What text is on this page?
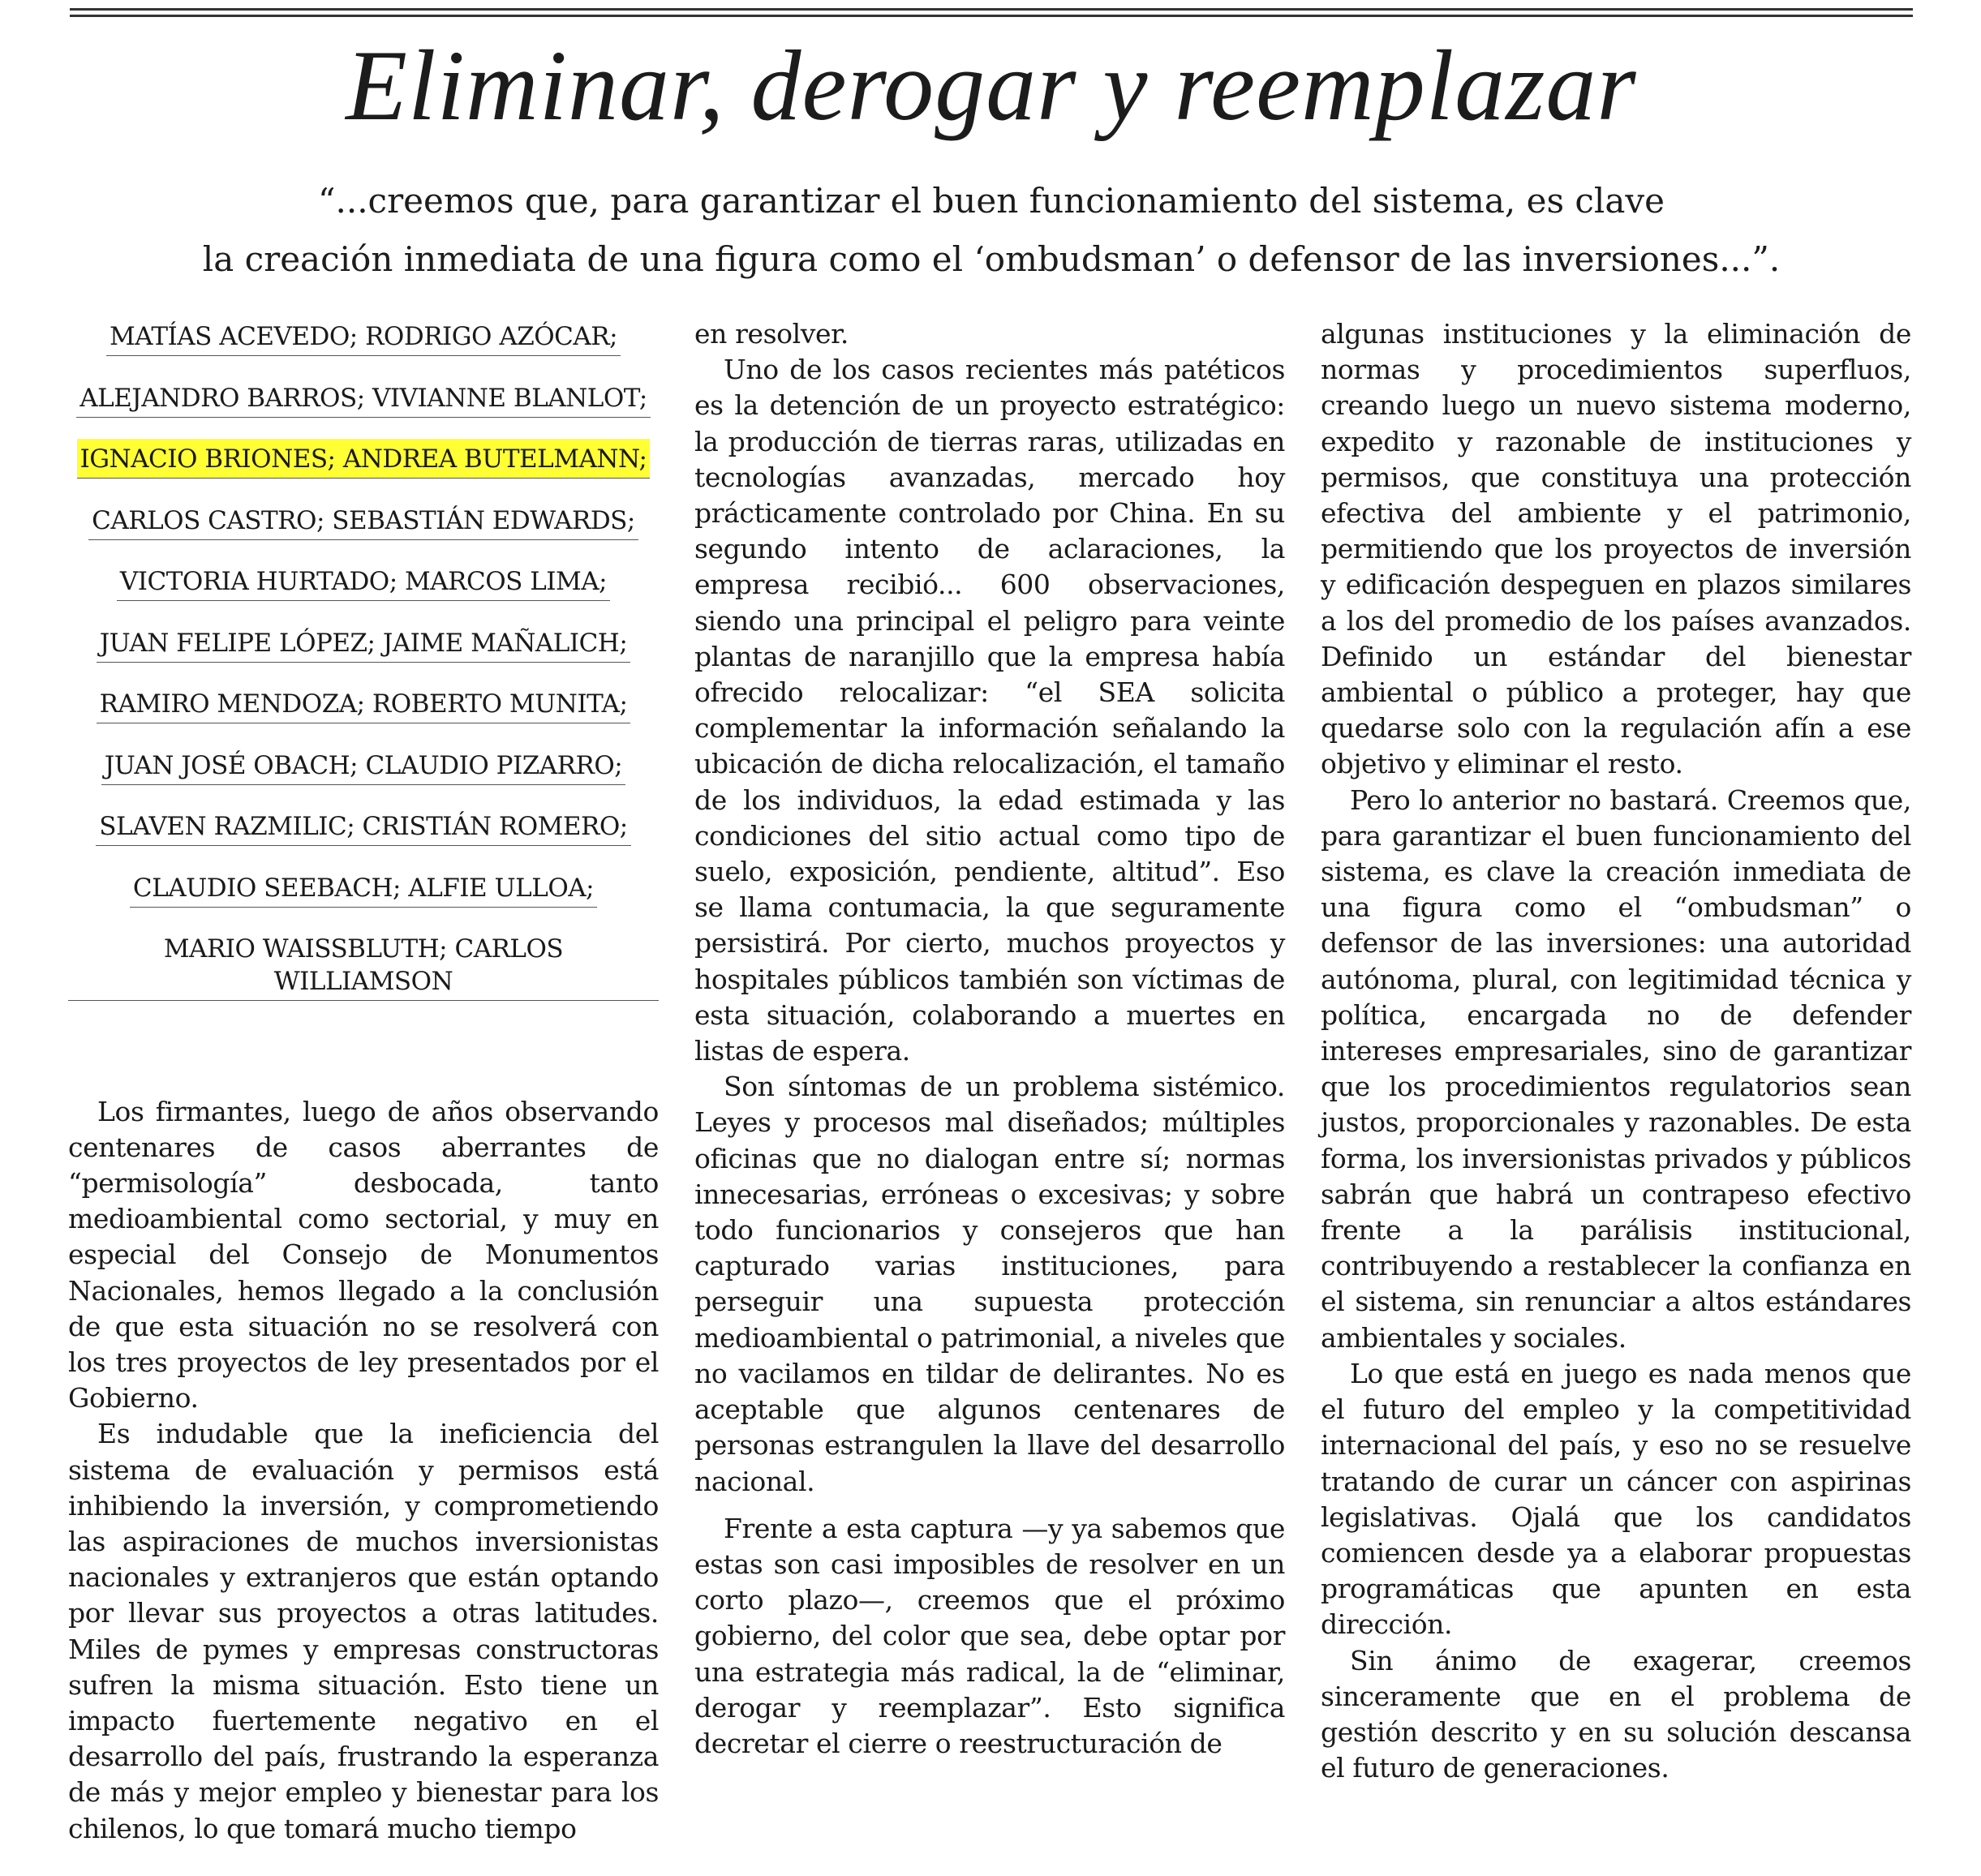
Eliminar, derogar y reemplazar

“...creemos que, para garantizar el buen funcionamiento del sistema, es clave
la creación inmediata de una figura como el ‘ombudsman’ o defensor de las inversiones...”.

MATÍAS ACEVEDO; RODRIGO AZÓCAR;
ALEJANDRO BARROS; VIVIANNE BLANLOT;
IGNACIO BRIONES; ANDREA BUTELMANN;
CARLOS CASTRO; SEBASTIÁN EDWARDS;
VICTORIA HURTADO; MARCOS LIMA;
JUAN FELIPE LÓPEZ; JAIME MAÑALICH;
RAMIRO MENDOZA; ROBERTO MUNITA;
JUAN JOSÉ OBACH; CLAUDIO PIZARRO;
SLAVEN RAZMILIC; CRISTIÁN ROMERO;
CLAUDIO SEEBACH; ALFIE ULLOA;
MARIO WAISSBLUTH; CARLOS WILLIAMSON

Los firmantes, luego de años observando centenares de casos aberrantes de “permisología” desbocada, tanto medioambiental como sectorial, y muy en especial del Consejo de Monumentos Nacionales, hemos llegado a la conclusión de que esta situación no se resolverá con los tres proyectos de ley presentados por el Gobierno.

Es indudable que la ineficiencia del sistema de evaluación y permisos está inhibiendo la inversión, y comprometiendo las aspiraciones de muchos inversionistas nacionales y extranjeros que están optando por llevar sus proyectos a otras latitudes. Miles de pymes y empresas constructoras sufren la misma situación. Esto tiene un impacto fuertemente negativo en el desarrollo del país, frustrando la esperanza de más y mejor empleo y bienestar para los chilenos, lo que tomará mucho tiempo

en resolver.

Uno de los casos recientes más patéticos es la detención de un proyecto estratégico: la producción de tierras raras, utilizadas en tecnologías avanzadas, mercado hoy prácticamente controlado por China. En su segundo intento de aclaraciones, la empresa recibió... 600 observaciones, siendo una principal el peligro para veinte plantas de naranjillo que la empresa había ofrecido relocalizar: “el SEA solicita complementar la información señalando la ubicación de dicha relocalización, el tamaño de los individuos, la edad estimada y las condiciones del sitio actual como tipo de suelo, exposición, pendiente, altitud”. Eso se llama contumacia, la que seguramente persistirá. Por cierto, muchos proyectos y hospitales públicos también son víctimas de esta situación, colaborando a muertes en listas de espera.

Son síntomas de un problema sistémico. Leyes y procesos mal diseñados; múltiples oficinas que no dialogan entre sí; normas innecesarias, erróneas o excesivas; y sobre todo funcionarios y consejeros que han capturado varias instituciones, para perseguir una supuesta protección medioambiental o patrimonial, a niveles que no vacilamos en tildar de delirantes. No es aceptable que algunos centenares de personas estrangulen la llave del desarrollo nacional.

Frente a esta captura —y ya sabemos que estas son casi imposibles de resolver en un corto plazo—, creemos que el próximo gobierno, del color que sea, debe optar por una estrategia más radical, la de “eliminar, derogar y reemplazar”. Esto significa decretar el cierre o reestructuración de

algunas instituciones y la eliminación de normas y procedimientos superfluos, creando luego un nuevo sistema moderno, expedito y razonable de instituciones y permisos, que constituya una protección efectiva del ambiente y el patrimonio, permitiendo que los proyectos de inversión y edificación despeguen en plazos similares a los del promedio de los países avanzados. Definido un estándar del bienestar ambiental o público a proteger, hay que quedarse solo con la regulación afín a ese objetivo y eliminar el resto.

Pero lo anterior no bastará. Creemos que, para garantizar el buen funcionamiento del sistema, es clave la creación inmediata de una figura como el “ombudsman” o defensor de las inversiones: una autoridad autónoma, plural, con legitimidad técnica y política, encargada no de defender intereses empresariales, sino de garantizar que los procedimientos regulatorios sean justos, proporcionales y razonables. De esta forma, los inversionistas privados y públicos sabrán que habrá un contrapeso efectivo frente a la parálisis institucional, contribuyendo a restablecer la confianza en el sistema, sin renunciar a altos estándares ambientales y sociales.

Lo que está en juego es nada menos que el futuro del empleo y la competitividad internacional del país, y eso no se resuelve tratando de curar un cáncer con aspirinas legislativas. Ojalá que los candidatos comiencen desde ya a elaborar propuestas programáticas que apunten en esta dirección.

Sin ánimo de exagerar, creemos sinceramente que en el problema de gestión descrito y en su solución descansa el futuro de generaciones.
